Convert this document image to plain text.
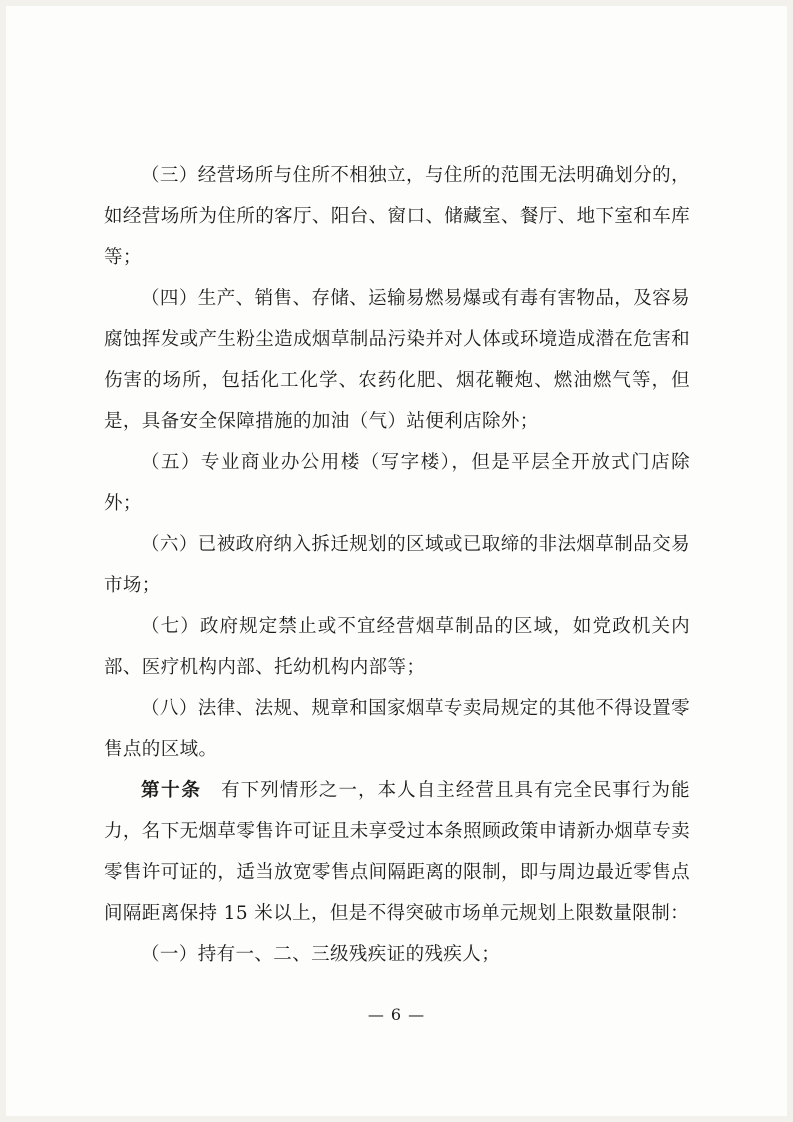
（三）经营场所与住所不相独立，与住所的范围无法明确划分的，如经营场所为住所的客厅、阳台、窗口、储藏室、餐厅、地下室和车库等；

（四）生产、销售、存储、运输易燃易爆或有毒有害物品，及容易腐蚀挥发或产生粉尘造成烟草制品污染并对人体或环境造成潜在危害和伤害的场所，包括化工化学、农药化肥、烟花鞭炮、燃油燃气等，但是，具备安全保障措施的加油（气）站便利店除外；

（五）专业商业办公用楼（写字楼），但是平层全开放式门店除外；

（六）已被政府纳入拆迁规划的区域或已取缔的非法烟草制品交易市场；

（七）政府规定禁止或不宜经营烟草制品的区域，如党政机关内部、医疗机构内部、托幼机构内部等；

（八）法律、法规、规章和国家烟草专卖局规定的其他不得设置零售点的区域。

第十条　 有下列情形之一，本人自主经营且具有完全民事行为能力，名下无烟草零售许可证且未享受过本条照顾政策申请新办烟草专卖零售许可证的，适当放宽零售点间隔距离的限制，即与周边最近零售点间隔距离保持 15 米以上，但是不得突破市场单元规划上限数量限制：

（一）持有一、二、三级残疾证的残疾人；

— 6 —
